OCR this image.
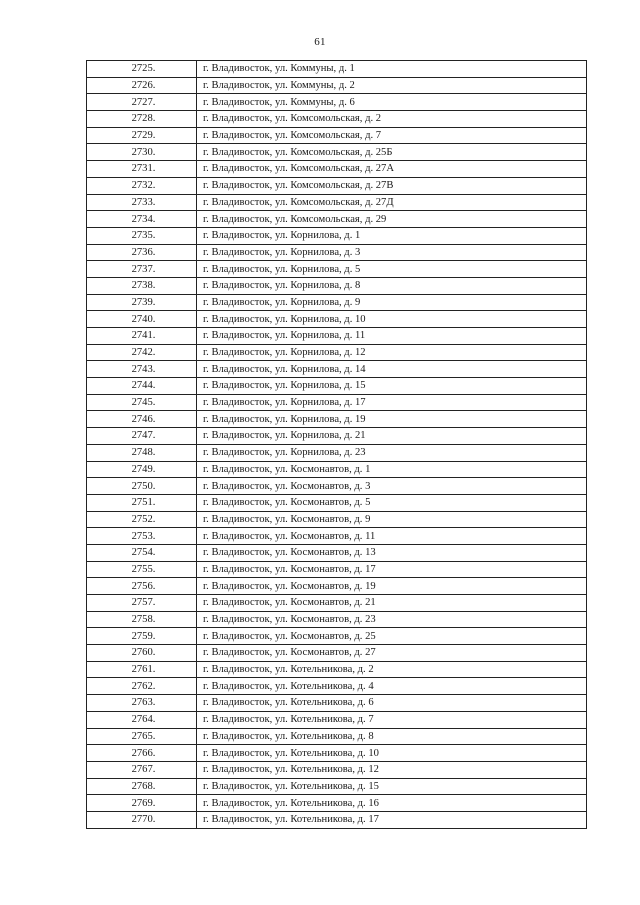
61
2725.	г. Владивосток, ул. Коммуны, д. 1
2726.	г. Владивосток, ул. Коммуны, д. 2
2727.	г. Владивосток, ул. Коммуны, д. 6
2728.	г. Владивосток, ул. Комсомольская, д. 2
2729.	г. Владивосток, ул. Комсомольская, д. 7
2730.	г. Владивосток, ул. Комсомольская, д. 25Б
2731.	г. Владивосток, ул. Комсомольская, д. 27А
2732.	г. Владивосток, ул. Комсомольская, д. 27В
2733.	г. Владивосток, ул. Комсомольская, д. 27Д
2734.	г. Владивосток, ул. Комсомольская, д. 29
2735.	г. Владивосток, ул. Корнилова, д. 1
2736.	г. Владивосток, ул. Корнилова, д. 3
2737.	г. Владивосток, ул. Корнилова, д. 5
2738.	г. Владивосток, ул. Корнилова, д. 8
2739.	г. Владивосток, ул. Корнилова, д. 9
2740.	г. Владивосток, ул. Корнилова, д. 10
2741.	г. Владивосток, ул. Корнилова, д. 11
2742.	г. Владивосток, ул. Корнилова, д. 12
2743.	г. Владивосток, ул. Корнилова, д. 14
2744.	г. Владивосток, ул. Корнилова, д. 15
2745.	г. Владивосток, ул. Корнилова, д. 17
2746.	г. Владивосток, ул. Корнилова, д. 19
2747.	г. Владивосток, ул. Корнилова, д. 21
2748.	г. Владивосток, ул. Корнилова, д. 23
2749.	г. Владивосток, ул. Космонавтов, д. 1
2750.	г. Владивосток, ул. Космонавтов, д. 3
2751.	г. Владивосток, ул. Космонавтов, д. 5
2752.	г. Владивосток, ул. Космонавтов, д. 9
2753.	г. Владивосток, ул. Космонавтов, д. 11
2754.	г. Владивосток, ул. Космонавтов, д. 13
2755.	г. Владивосток, ул. Космонавтов, д. 17
2756.	г. Владивосток, ул. Космонавтов, д. 19
2757.	г. Владивосток, ул. Космонавтов, д. 21
2758.	г. Владивосток, ул. Космонавтов, д. 23
2759.	г. Владивосток, ул. Космонавтов, д. 25
2760.	г. Владивосток, ул. Космонавтов, д. 27
2761.	г. Владивосток, ул. Котельникова, д. 2
2762.	г. Владивосток, ул. Котельникова, д. 4
2763.	г. Владивосток, ул. Котельникова, д. 6
2764.	г. Владивосток, ул. Котельникова, д. 7
2765.	г. Владивосток, ул. Котельникова, д. 8
2766.	г. Владивосток, ул. Котельникова, д. 10
2767.	г. Владивосток, ул. Котельникова, д. 12
2768.	г. Владивосток, ул. Котельникова, д. 15
2769.	г. Владивосток, ул. Котельникова, д. 16
2770.	г. Владивосток, ул. Котельникова, д. 17
